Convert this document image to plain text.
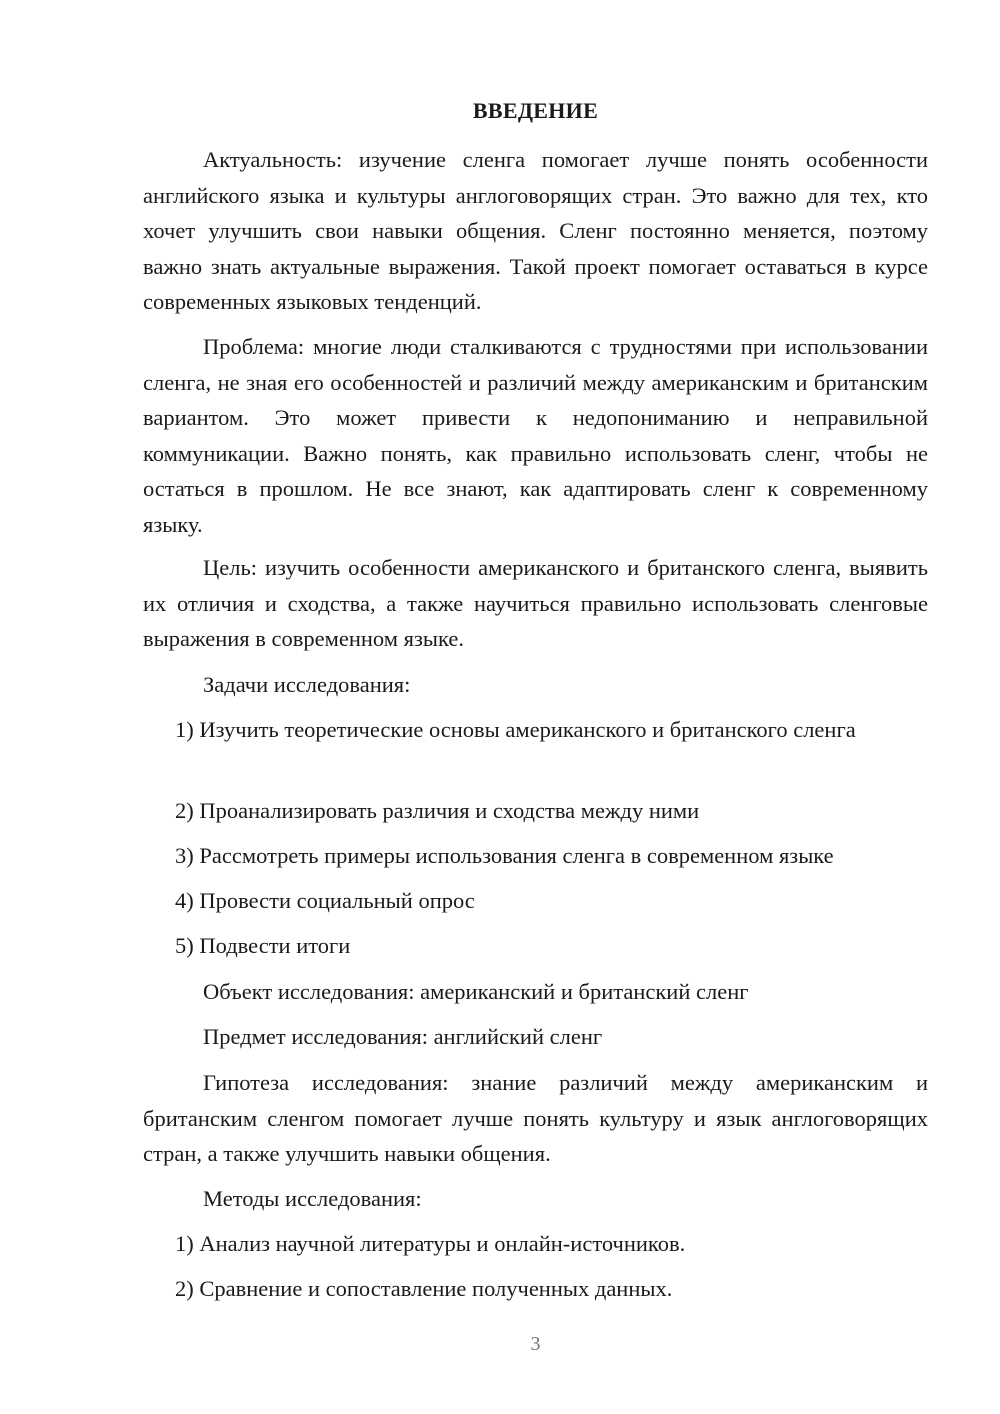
ВВЕДЕНИЕ

Актуальность: изучение сленга помогает лучше понять особенности английского языка и культуры англоговорящих стран. Это важно для тех, кто хочет улучшить свои навыки общения. Сленг постоянно меняется, поэтому важно знать актуальные выражения. Такой проект помогает оставаться в курсе современных языковых тенденций.

Проблема: многие люди сталкиваются с трудностями при использовании сленга, не зная его особенностей и различий между американским и британским вариантом. Это может привести к недопониманию и неправильной коммуникации. Важно понять, как правильно использовать сленг, чтобы не остаться в прошлом. Не все знают, как адаптировать сленг к современному языку.

Цель: изучить особенности американского и британского сленга, выявить их отличия и сходства, а также научиться правильно использовать сленговые выражения в современном языке.

Задачи исследования:

1) Изучить теоретические основы американского и британского сленга

2) Проанализировать различия и сходства между ними

3) Рассмотреть примеры использования сленга в современном языке

4) Провести социальный опрос

5) Подвести итоги

Объект исследования: американский и британский сленг

Предмет исследования: английский сленг

Гипотеза исследования: знание различий между американским и британским сленгом помогает лучше понять культуру и язык англоговорящих стран, а также улучшить навыки общения.

Методы исследования:

1) Анализ научной литературы и онлайн-источников.

2) Сравнение и сопоставление полученных данных.

3
